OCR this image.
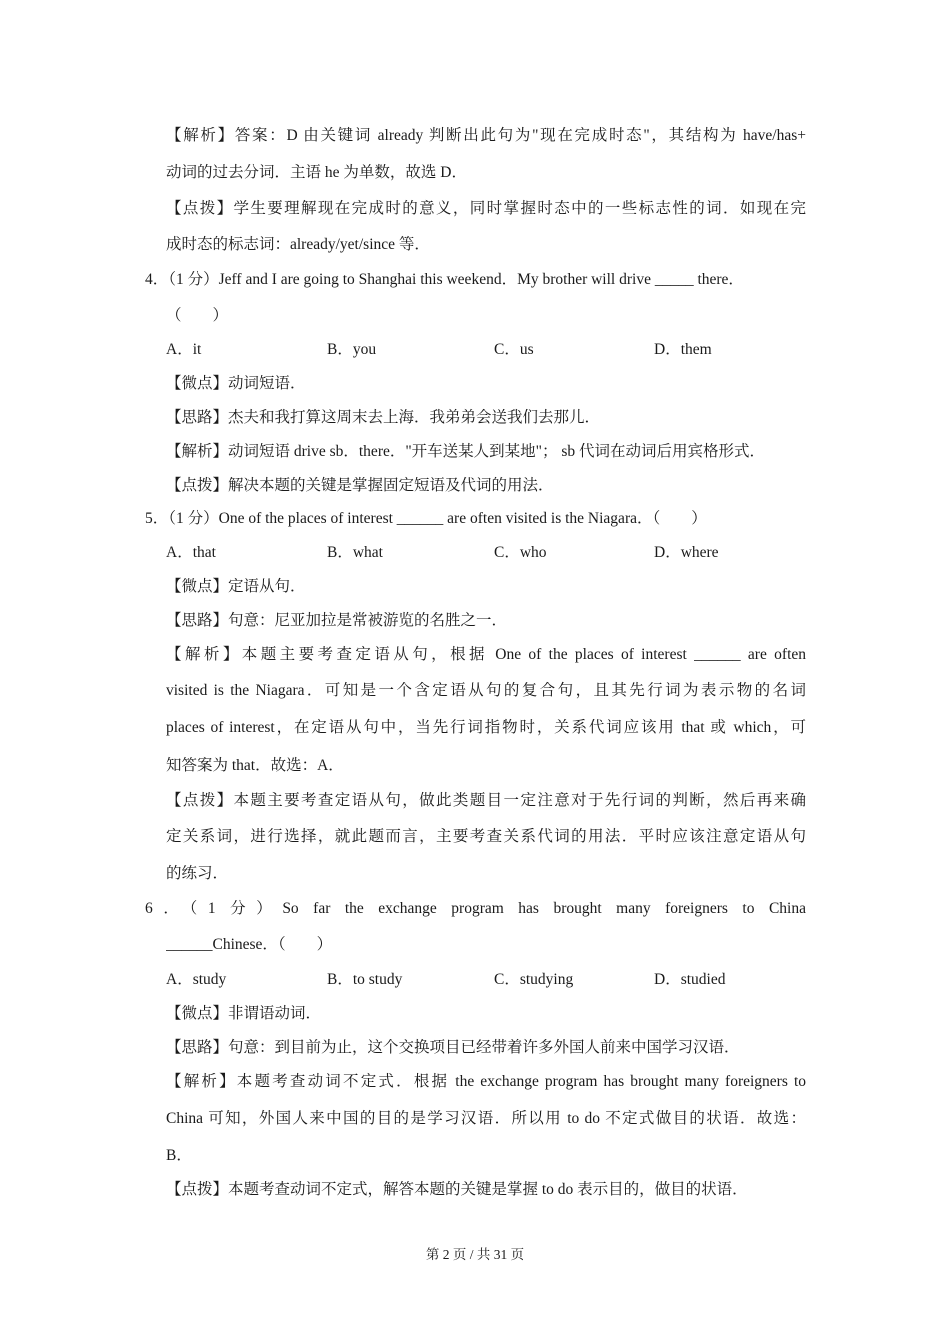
【解析】答案：D 由关键词 already 判断出此句为"现在完成时态"，其结构为 have/has+
动词的过去分词．主语 he 为单数，故选 D．
【点拨】学生要理解现在完成时的意义，同时掌握时态中的一些标志性的词．如现在完
成时态的标志词：already/yet/since 等．
4．（1 分）Jeff and I are going to Shanghai this weekend．My brother will drive _____ there．
（　　）
A．it	B．you	C．us	D．them
【微点】动词短语．
【思路】杰夫和我打算这周末去上海．我弟弟会送我们去那儿．
【解析】动词短语 drive sb．there．"开车送某人到某地"； sb 代词在动词后用宾格形式．
【点拨】解决本题的关键是掌握固定短语及代词的用法．
5．（1 分）One of the places of interest ______ are often visited is the Niagara．（　　）
A．that	B．what	C．who	D．where
【微点】定语从句．
【思路】句意：尼亚加拉是常被游览的名胜之一．
【解析】本题主要考查定语从句，根据 One of the places of interest ______ are often
visited is the Niagara．可知是一个含定语从句的复合句，且其先行词为表示物的名词
places of interest，在定语从句中，当先行词指物时，关系代词应该用 that 或 which，可
知答案为 that．故选：A．
【点拨】本题主要考查定语从句，做此类题目一定注意对于先行词的判断，然后再来确
定关系词，进行选择，就此题而言，主要考查关系代词的用法．平时应该注意定语从句
的练习．
6．（1 分）So far the exchange program has brought many foreigners to China
______Chinese．（　　）
A．study	B．to study	C．studying	D．studied
【微点】非谓语动词．
【思路】句意：到目前为止，这个交换项目已经带着许多外国人前来中国学习汉语．
【解析】本题考查动词不定式．根据 the exchange program has brought many foreigners to
China 可知，外国人来中国的目的是学习汉语．所以用 to do 不定式做目的状语．故选：
B．
【点拨】本题考查动词不定式，解答本题的关键是掌握 to do 表示目的，做目的状语．
第 2 页 / 共 31 页
